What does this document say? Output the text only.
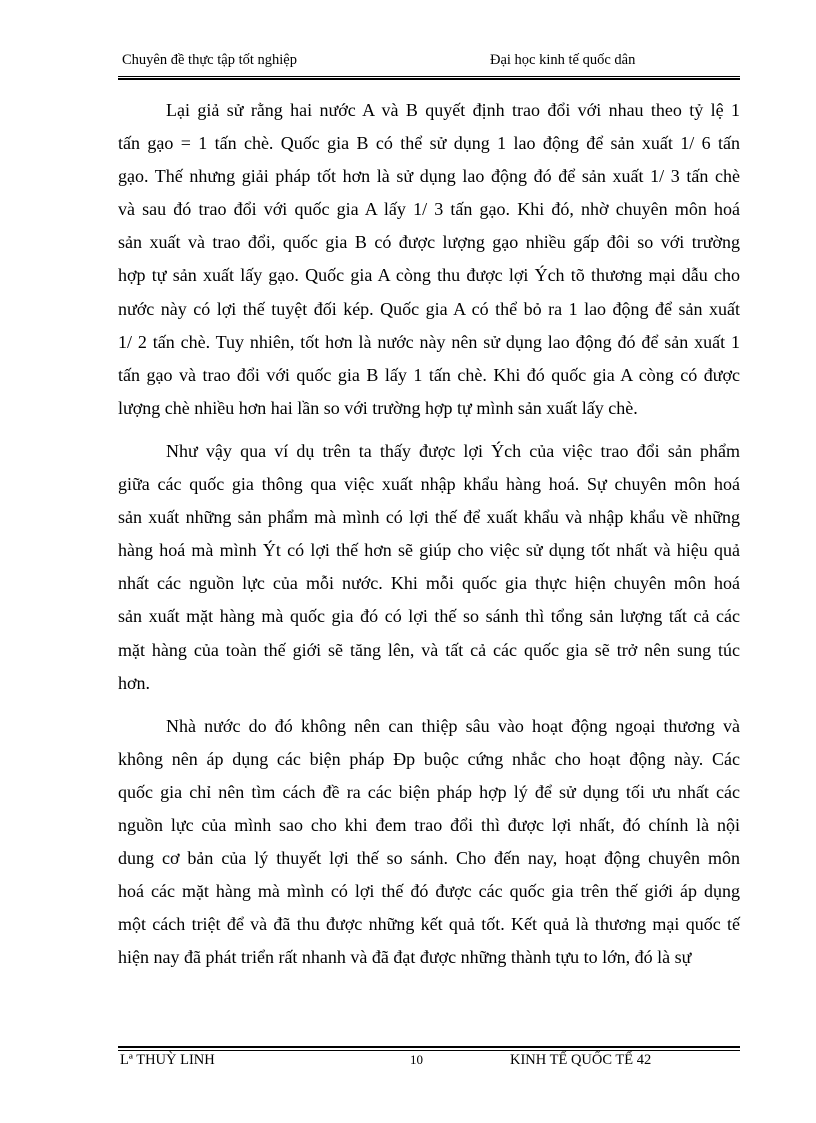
Chuyên đề thực tập tốt nghiệp	Đại học kinh tế quốc dân
Lại giả sử rằng hai nước A và B quyết định trao đổi với nhau theo tỷ lệ 1
tấn gạo = 1 tấn chè. Quốc gia B có thể sử dụng 1 lao động để sản xuất 1/ 6 tấn
gạo. Thế nhưng giải pháp tốt hơn là sử dụng lao động đó để sản xuất 1/ 3 tấn chè
và sau đó trao đổi với quốc gia A lấy 1/ 3 tấn gạo. Khi đó, nhờ chuyên môn hoá
sản xuất và trao đổi, quốc gia B có được lượng gạo nhiều gấp đôi so với trường
hợp tự sản xuất lấy gạo. Quốc gia A còng thu được lợi Ých tõ thương mại dẫu cho
nước này có lợi thế tuyệt đối kép. Quốc gia A có thể bỏ ra 1 lao động để sản xuất
1/ 2 tấn chè. Tuy nhiên, tốt hơn là nước này nên sử dụng lao động đó để sản xuất 1
tấn gạo và trao đổi với quốc gia B lấy 1 tấn chè. Khi đó quốc gia A còng có được
lượng chè nhiều hơn hai lần so với trường hợp tự mình sản xuất lấy chè.
Như vậy qua ví dụ trên ta thấy được lợi Ých của việc trao đổi sản phẩm
giữa các quốc gia thông qua việc xuất nhập khẩu hàng hoá. Sự chuyên môn hoá
sản xuất những sản phẩm mà mình có lợi thế để xuất khẩu và nhập khẩu về những
hàng hoá mà mình Ýt có lợi thế hơn sẽ giúp cho việc sử dụng tốt nhất và hiệu quả
nhất các nguồn lực của mỗi nước. Khi mỗi quốc gia thực hiện chuyên môn hoá
sản xuất mặt hàng mà quốc gia đó có lợi thế so sánh thì tổng sản lượng tất cả các
mặt hàng của toàn thế giới sẽ tăng lên, và tất cả các quốc gia sẽ trở nên sung túc
hơn.
Nhà nước do đó không nên can thiệp sâu vào hoạt động ngoại thương và
không nên áp dụng các biện pháp Đp buộc cứng nhắc cho hoạt động này. Các
quốc gia chỉ nên tìm cách đề ra các biện pháp hợp lý để sử dụng tối ưu nhất các
nguồn lực của mình sao cho khi đem trao đổi thì được lợi nhất, đó chính là nội
dung cơ bản của lý thuyết lợi thế so sánh. Cho đến nay, hoạt động chuyên môn
hoá các mặt hàng mà mình có lợi thế đó được các quốc gia trên thế giới áp dụng
một cách triệt để và đã thu được những kết quả tốt. Kết quả là thương mại quốc tế
hiện nay đã phát triển rất nhanh và đã đạt được những thành tựu to lớn, đó là sự
Lª THUỲ LINH	10	KINH TẾ QUỐC TẾ 42
